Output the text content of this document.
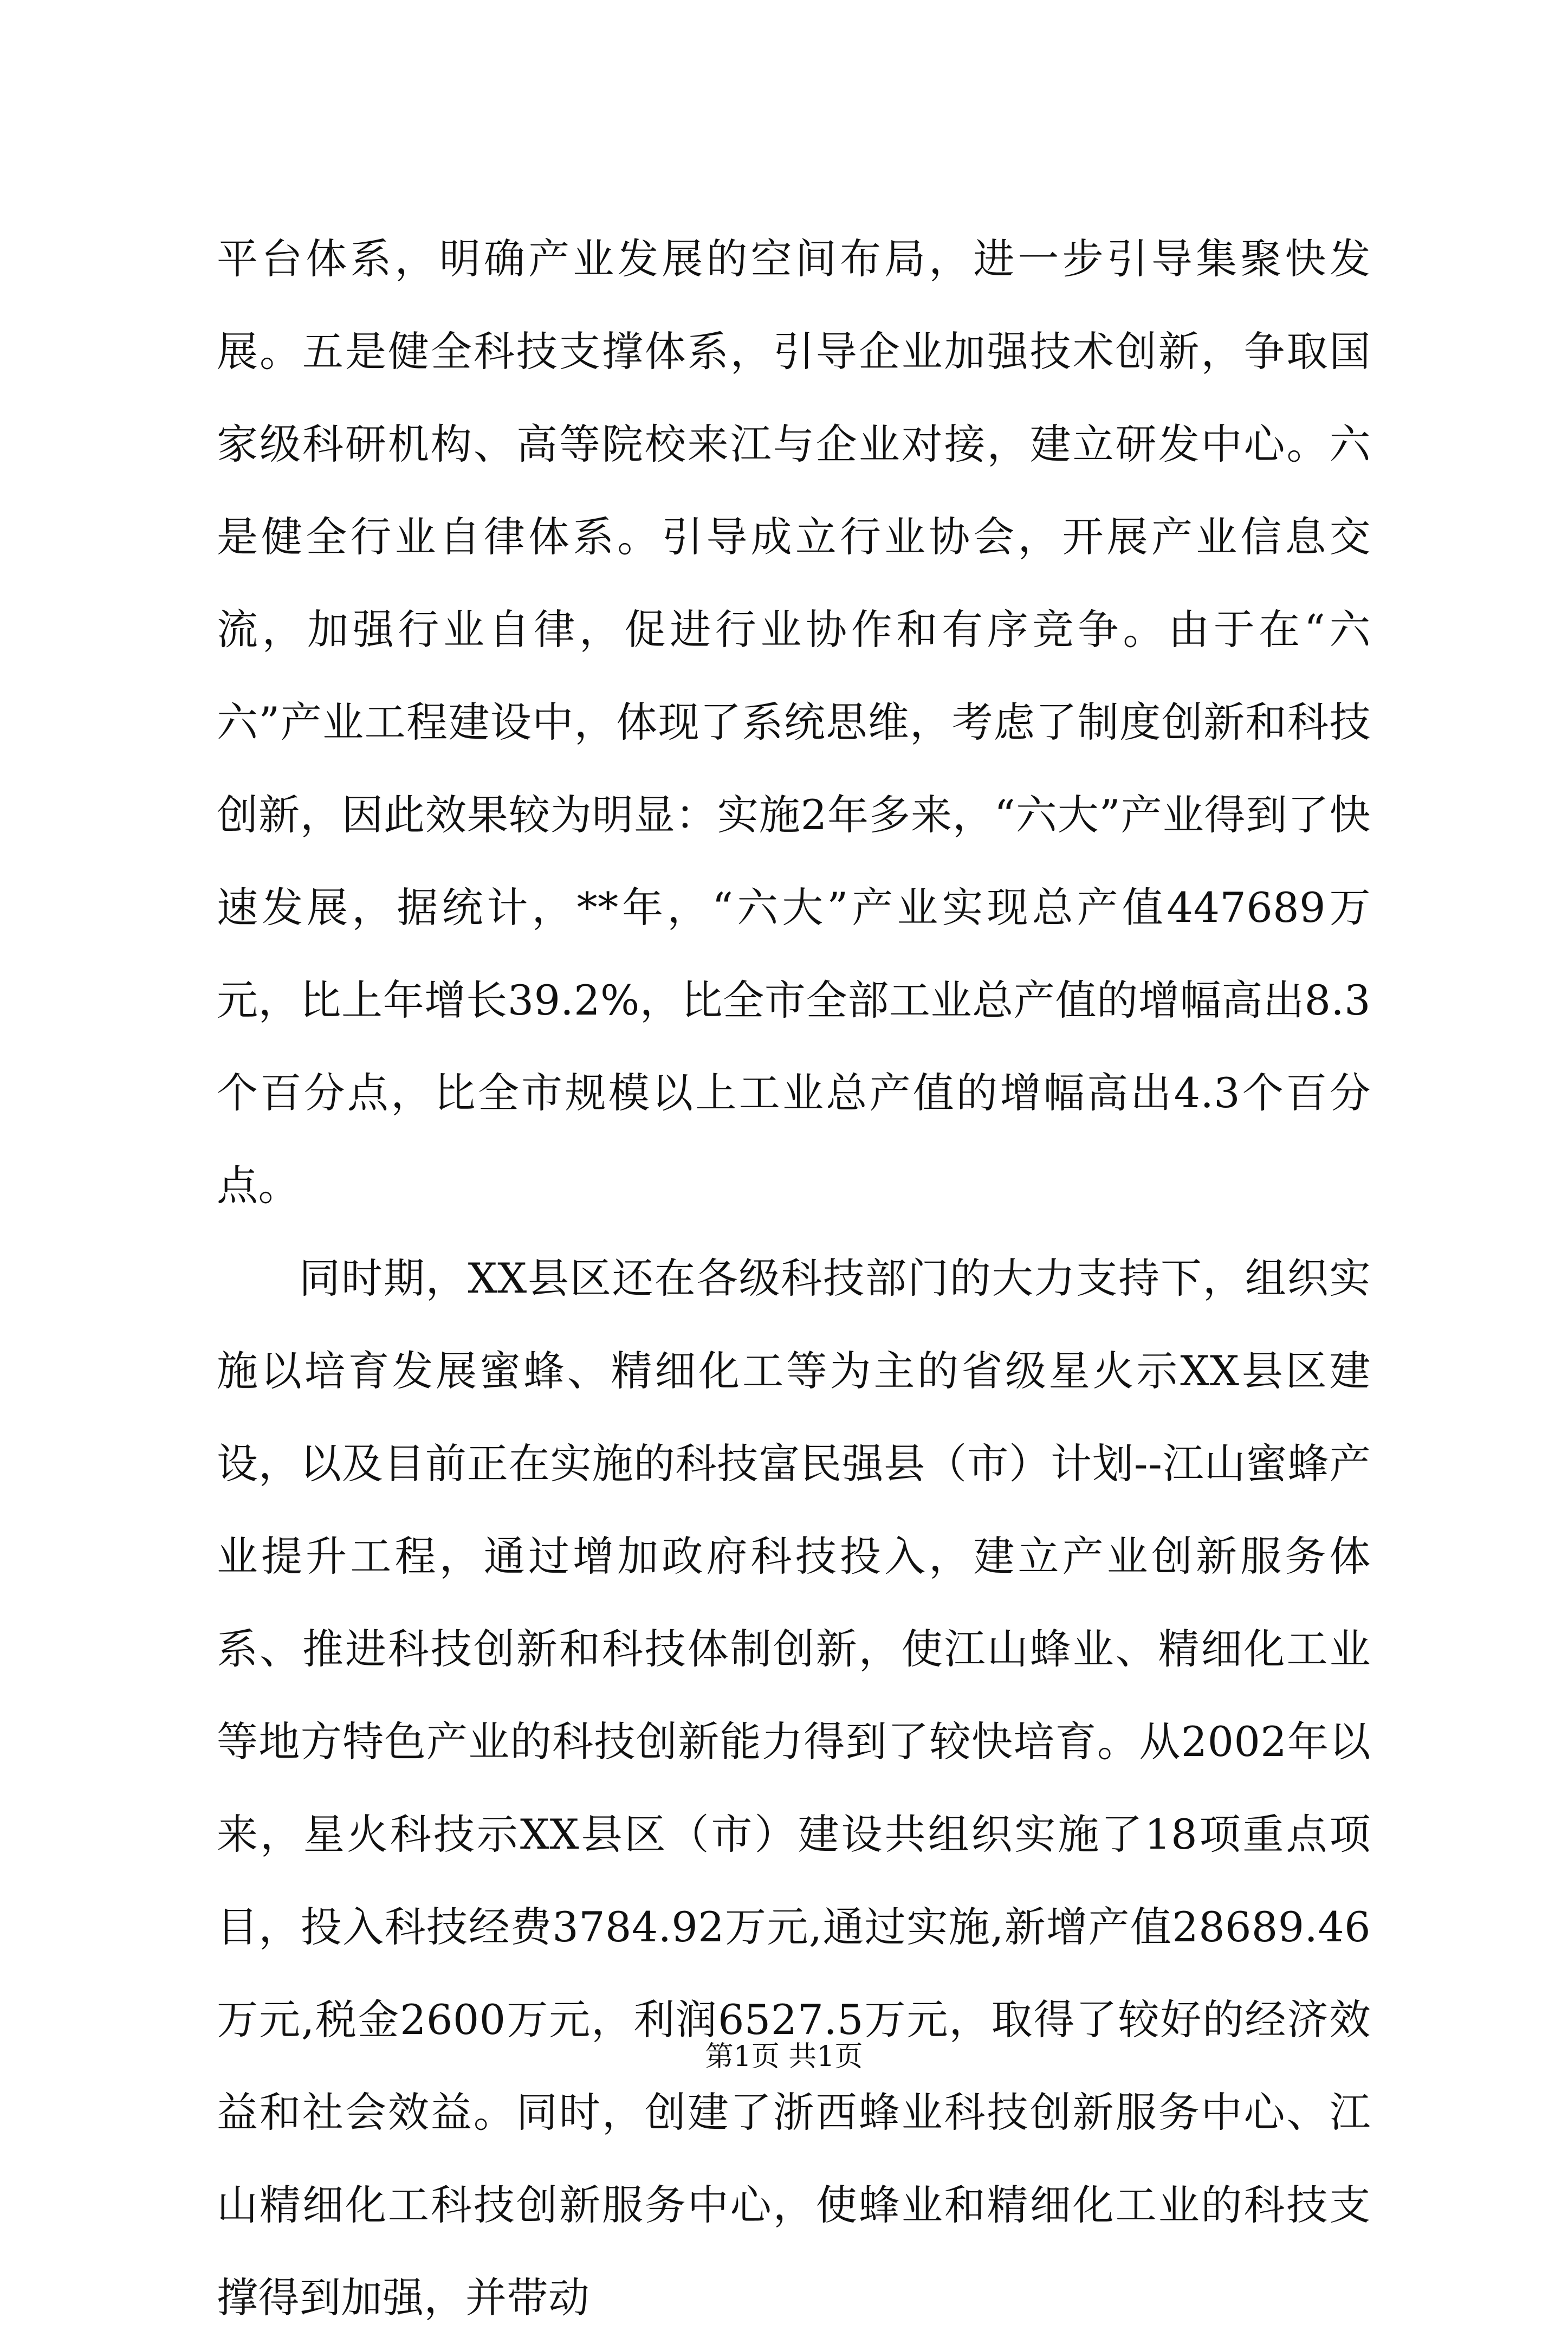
平台体系，明确产业发展的空间布局，进一步引导集聚快发展。五是健全科技支撑体系，引导企业加强技术创新，争取国家级科研机构、高等院校来江与企业对接，建立研发中心。六是健全行业自律体系。引导成立行业协会，开展产业信息交流，加强行业自律，促进行业协作和有序竞争。由于在“六六”产业工程建设中，体现了系统思维，考虑了制度创新和科技创新，因此效果较为明显：实施2年多来，“六大”产业得到了快速发展，据统计，**年，“六大”产业实现总产值447689万元，比上年增长39.2%，比全市全部工业总产值的增幅高出8.3个百分点，比全市规模以上工业总产值的增幅高出4.3个百分点。

同时期，XX县区还在各级科技部门的大力支持下，组织实施以培育发展蜜蜂、精细化工等为主的省级星火示XX县区建设，以及目前正在实施的科技富民强县（市）计划--江山蜜蜂产业提升工程，通过增加政府科技投入，建立产业创新服务体系、推进科技创新和科技体制创新，使江山蜂业、精细化工业等地方特色产业的科技创新能力得到了较快培育。从2002年以来，星火科技示XX县区（市）建设共组织实施了18项重点项目，投入科技经费3784.92万元,通过实施,新增产值28689.46万元,税金2600万元，利润6527.5万元，取得了较好的经济效益和社会效益。同时，创建了浙西蜂业科技创新服务中心、江山精细化工科技创新服务中心，使蜂业和精细化工业的科技支撑得到加强，并带动

第1页 共1页
